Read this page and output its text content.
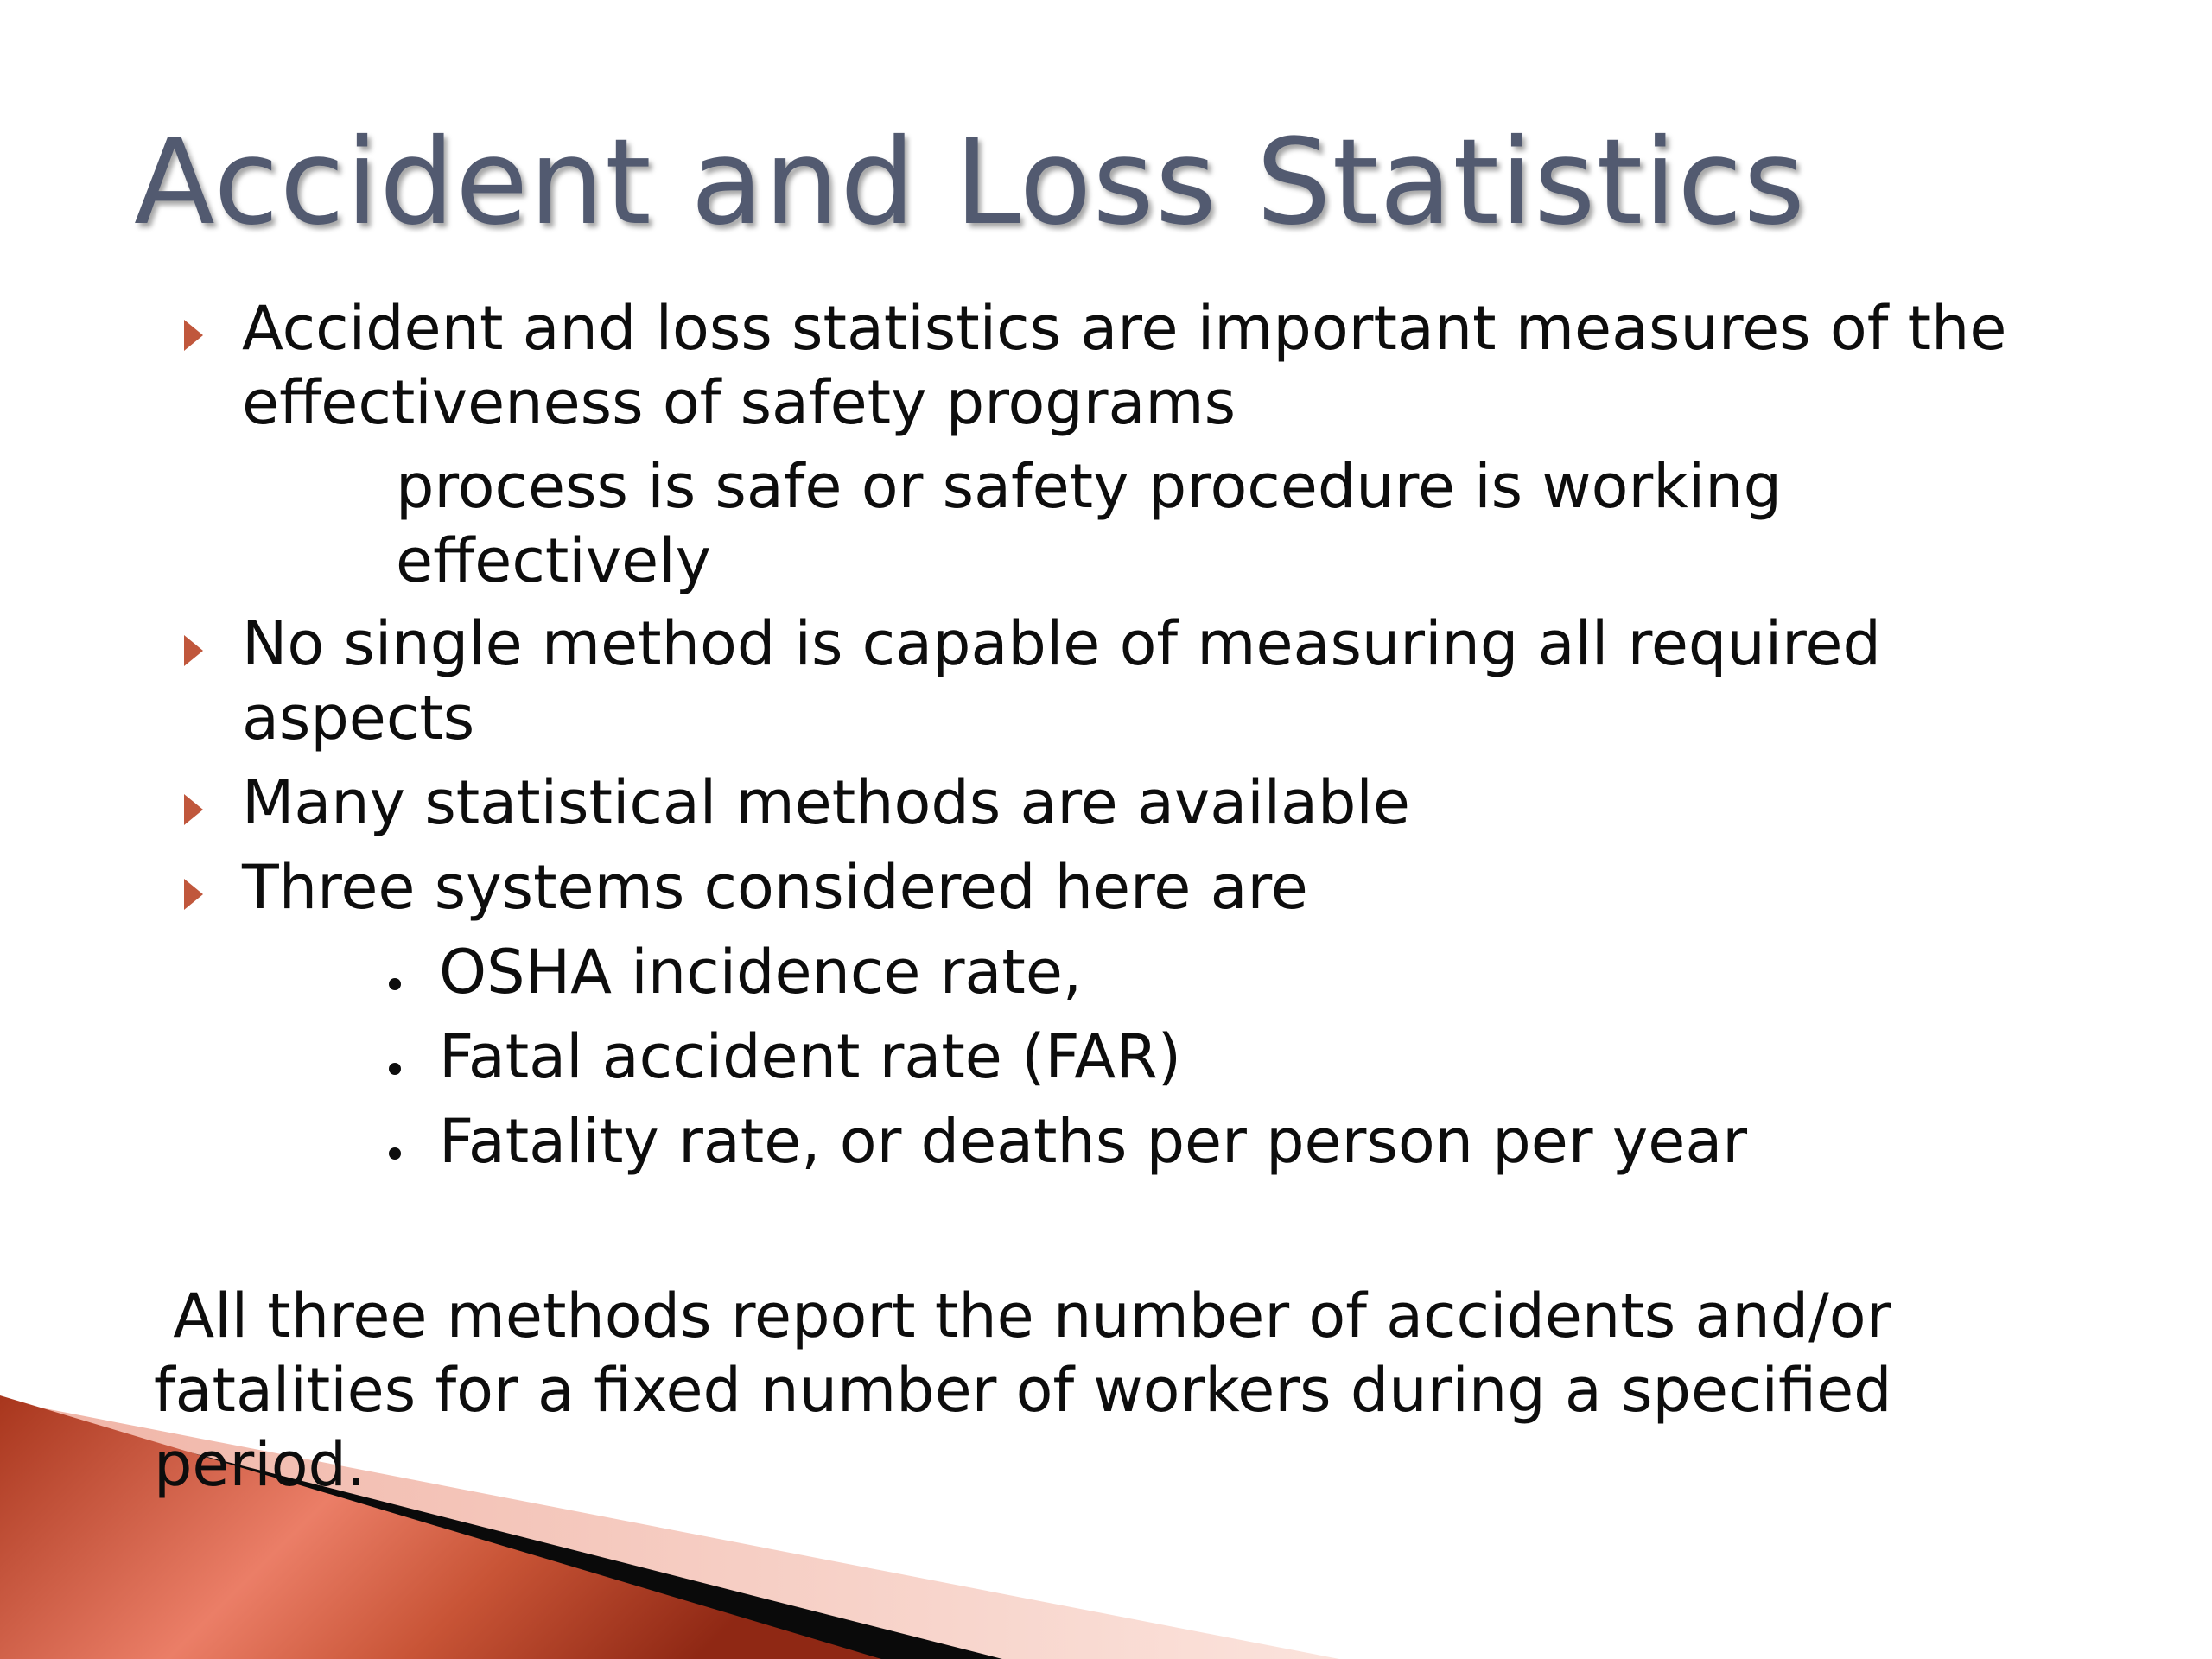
Accident and Loss Statistics
Accident and loss statistics are important measures of the
effectiveness of safety programs
process is safe or safety procedure is working
effectively
No single method is capable of measuring all required
aspects
Many statistical methods are available
Three systems considered here are
OSHA incidence rate,
Fatal accident rate (FAR)
Fatality rate, or deaths per person per year
All three methods report the number of accidents and/or
fatalities for a fixed number of workers during a specified
period.
